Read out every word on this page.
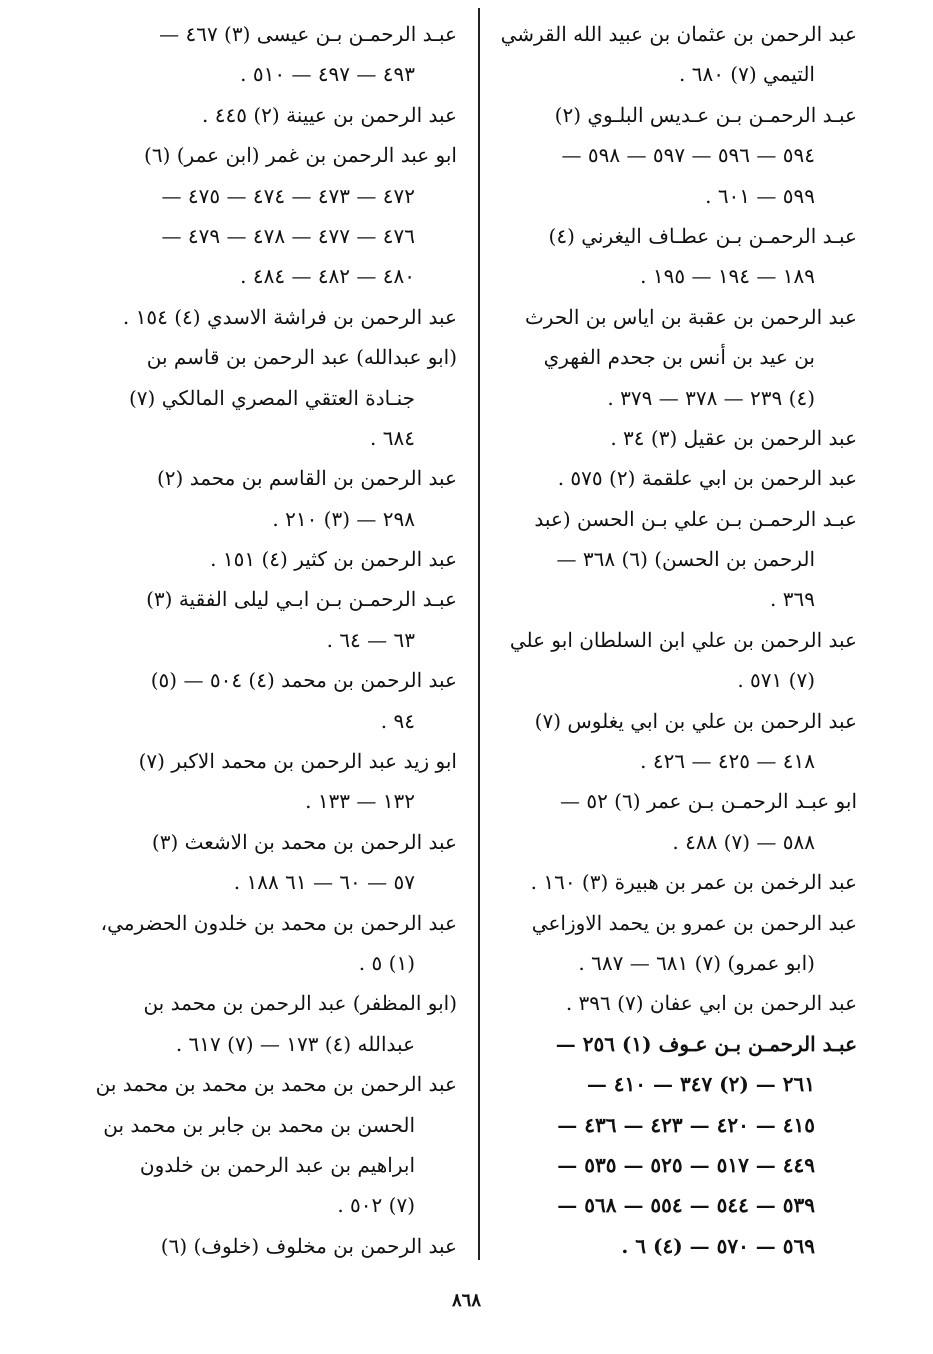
عبد الرحمن بن عثمان بن عبيد الله القرشي
التيمي (٧) ٦٨٠ .
عبـد الرحمـن بـن عـديس البلـوي (٢)
٥٩٤ — ٥٩٦ — ٥٩٧ — ٥٩٨ —
٥٩٩ — ٦٠١ .
عبـد الرحمـن بـن عطـاف اليغرني (٤)
١٨٩ — ١٩٤ — ١٩٥ .
عبد الرحمن بن عقبة بن اياس بن الحرث
بن عيد بن أنس بن جحدم الفهري
(٤) ٢٣٩ — ٣٧٨ — ٣٧٩ .
عبد الرحمن بن عقيل (٣) ٣٤ .
عبد الرحمن بن ابي علقمة (٢) ٥٧٥ .
عبـد الرحمـن بـن علي بـن الحسن (عبد
الرحمن بن الحسن) (٦) ٣٦٨ —
٣٦٩ .
عبد الرحمن بن علي ابن السلطان ابو علي
(٧) ٥٧١ .
عبد الرحمن بن علي بن ابي يغلوس (٧)
٤١٨ — ٤٢٥ — ٤٢٦ .
ابو عبـد الرحمـن بـن عمر (٦) ٥٢ —
٥٨٨ — (٧) ٤٨٨ .
عبد الرخمن بن عمر بن هبيرة (٣) ١٦٠ .
عبد الرحمن بن عمرو بن يحمد الاوزاعي
(ابو عمرو) (٧) ٦٨١ — ٦٨٧ .
عبد الرحمن بن ابي عفان (٧) ٣٩٦ .
عبـد الرحمـن بـن عـوف (١) ٢٥٦ —
٢٦١ — (٢) ٣٤٧ — ٤١٠ —
٤١٥ — ٤٢٠ — ٤٢٣ — ٤٣٦ —
٤٤٩ — ٥١٧ — ٥٢٥ — ٥٣٥ —
٥٣٩ — ٥٤٤ — ٥٥٤ — ٥٦٨ —
٥٦٩ — ٥٧٠ — (٤) ٦ .
عبـد الرحمـن بـن عيسى (٣) ٤٦٧ —
٤٩٣ — ٤٩٧ — ٥١٠ .
عبد الرحمن بن عيينة (٢) ٤٤٥ .
ابو عبد الرحمن بن غمر (ابن عمر) (٦)
٤٧٢ — ٤٧٣ — ٤٧٤ — ٤٧٥ —
٤٧٦ — ٤٧٧ — ٤٧٨ — ٤٧٩ —
٤٨٠ — ٤٨٢ — ٤٨٤ .
عبد الرحمن بن فراشة الاسدي (٤) ١٥٤ .
(ابو عبدالله) عبد الرحمن بن قاسم بن
جنـادة العتقي المصري المالكي (٧)
٦٨٤ .
عبد الرحمن بن القاسم بن محمد (٢)
٢٩٨ — (٣) ٢١٠ .
عبد الرحمن بن كثير (٤) ١٥١ .
عبـد الرحمـن بـن ابـي ليلى الفقية (٣)
٦٣ — ٦٤ .
عبد الرحمن بن محمد (٤) ٥٠٤ — (٥)
٩٤ .
ابو زيد عبد الرحمن بن محمد الاكبر (٧)
١٣٢ — ١٣٣ .
عبد الرحمن بن محمد بن الاشعث (٣)
٥٧ — ٦٠ — ٦١ ١٨٨ .
عبد الرحمن بن محمد بن خلدون الحضرمي،
(١) ٥ .
(ابو المظفر) عبد الرحمن بن محمد بن
عبدالله (٤) ١٧٣ — (٧) ٦١٧ .
عبد الرحمن بن محمد بن محمد بن محمد بن
الحسن بن محمد بن جابر بن محمد بن
ابراهيم بن عبد الرحمن بن خلدون
(٧) ٥٠٢ .
عبد الرحمن بن مخلوف (خلوف) (٦)
٨٦٨
